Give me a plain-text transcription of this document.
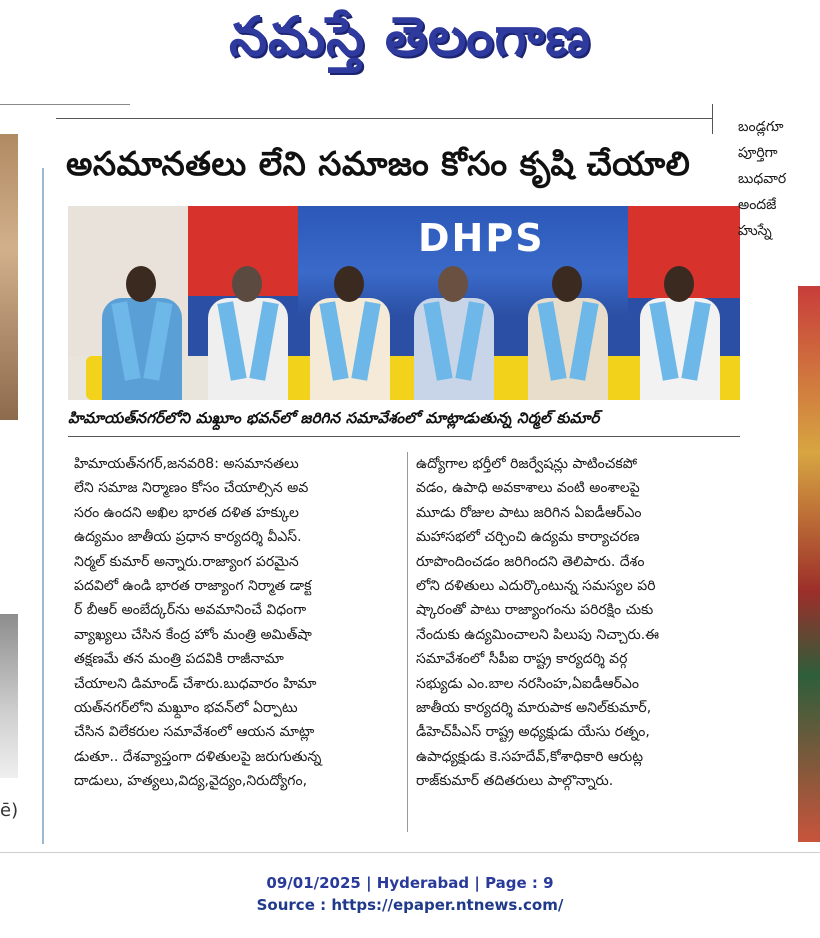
నమస్తే తెలంగాణ
ē)
అసమానతలు లేని సమాజం కోసం కృషి చేయాలి
DHPS
హిమాయత్‌నగర్‌లోని మఖ్దూం భవన్‌లో జరిగిన సమావేశంలో మాట్లాడుతున్న నిర్మల్ కుమార్
హిమాయత్‌నగర్,జనవరి8: అసమానతలు
లేని సమాజ నిర్మాణం కోసం చేయాల్సిన అవ
సరం ఉందని అఖిల భారత దళిత హక్కుల
ఉద్యమం జాతీయ ప్రధాన కార్యదర్శి వీఎస్.
నిర్మల్ కుమార్ అన్నారు.రాజ్యాంగ పరమైన
పదవిలో ఉండి భారత రాజ్యాంగ నిర్మాత డాక్ట
ర్ బీఆర్ అంబేద్కర్‌ను అవమానించే విధంగా
వ్యాఖ్యలు చేసిన కేంద్ర హోం మంత్రి అమిత్‌షా
తక్షణమే తన మంత్రి పదవికి రాజీనామా
చేయాలని డిమాండ్ చేశారు.బుధవారం హిమా
యత్‌నగర్‌లోని మఖ్దూం భవన్‌లో ఏర్పాటు
చేసిన విలేకరుల సమావేశంలో ఆయన మాట్లా
డుతూ.. దేశవ్యాప్తంగా దళితులపై జరుగుతున్న
దాడులు, హత్యలు,విద్య,వైద్యం,నిరుద్యోగం,
ఉద్యోగాల భర్తీలో రిజర్వేషన్లు పాటించకపో
వడం, ఉపాధి అవకాశాలు వంటి అంశాలపై
మూడు రోజుల పాటు జరిగిన ఏఐడీఆర్‌ఎం
మహాసభలో చర్చించి ఉద్యమ కార్యాచరణ
రూపొందించడం జరిగిందని తెలిపారు. దేశం
లోని దళితులు ఎదుర్కొంటున్న సమస్యల పరి
ష్కారంతో పాటు రాజ్యాంగంను పరిరక్షిం చుకు
నేందుకు ఉద్యమించాలని పిలుపు నిచ్చారు.ఈ
సమావేశంలో సీపీఐ రాష్ట్ర కార్యదర్శి వర్గ
సభ్యుడు ఎం.బాల నరసింహ,ఏఐడీఆర్‌ఎం
జాతీయ కార్యదర్శి మారుపాక అనిల్‌కుమార్,
డీహెచ్‌పీఎస్ రాష్ట్ర అధ్యక్షుడు యేసు రత్నం,
ఉపాధ్యక్షుడు కె.సహదేవ్,కోశాధికారి ఆరుట్ల
రాజ్‌కుమార్ తదితరులు పాల్గొన్నారు.
బండ్లగూ
పూర్తిగా
బుధవార
అందజే
హుస్నే
09/01/2025 | Hyderabad | Page : 9
Source : https://epaper.ntnews.com/
